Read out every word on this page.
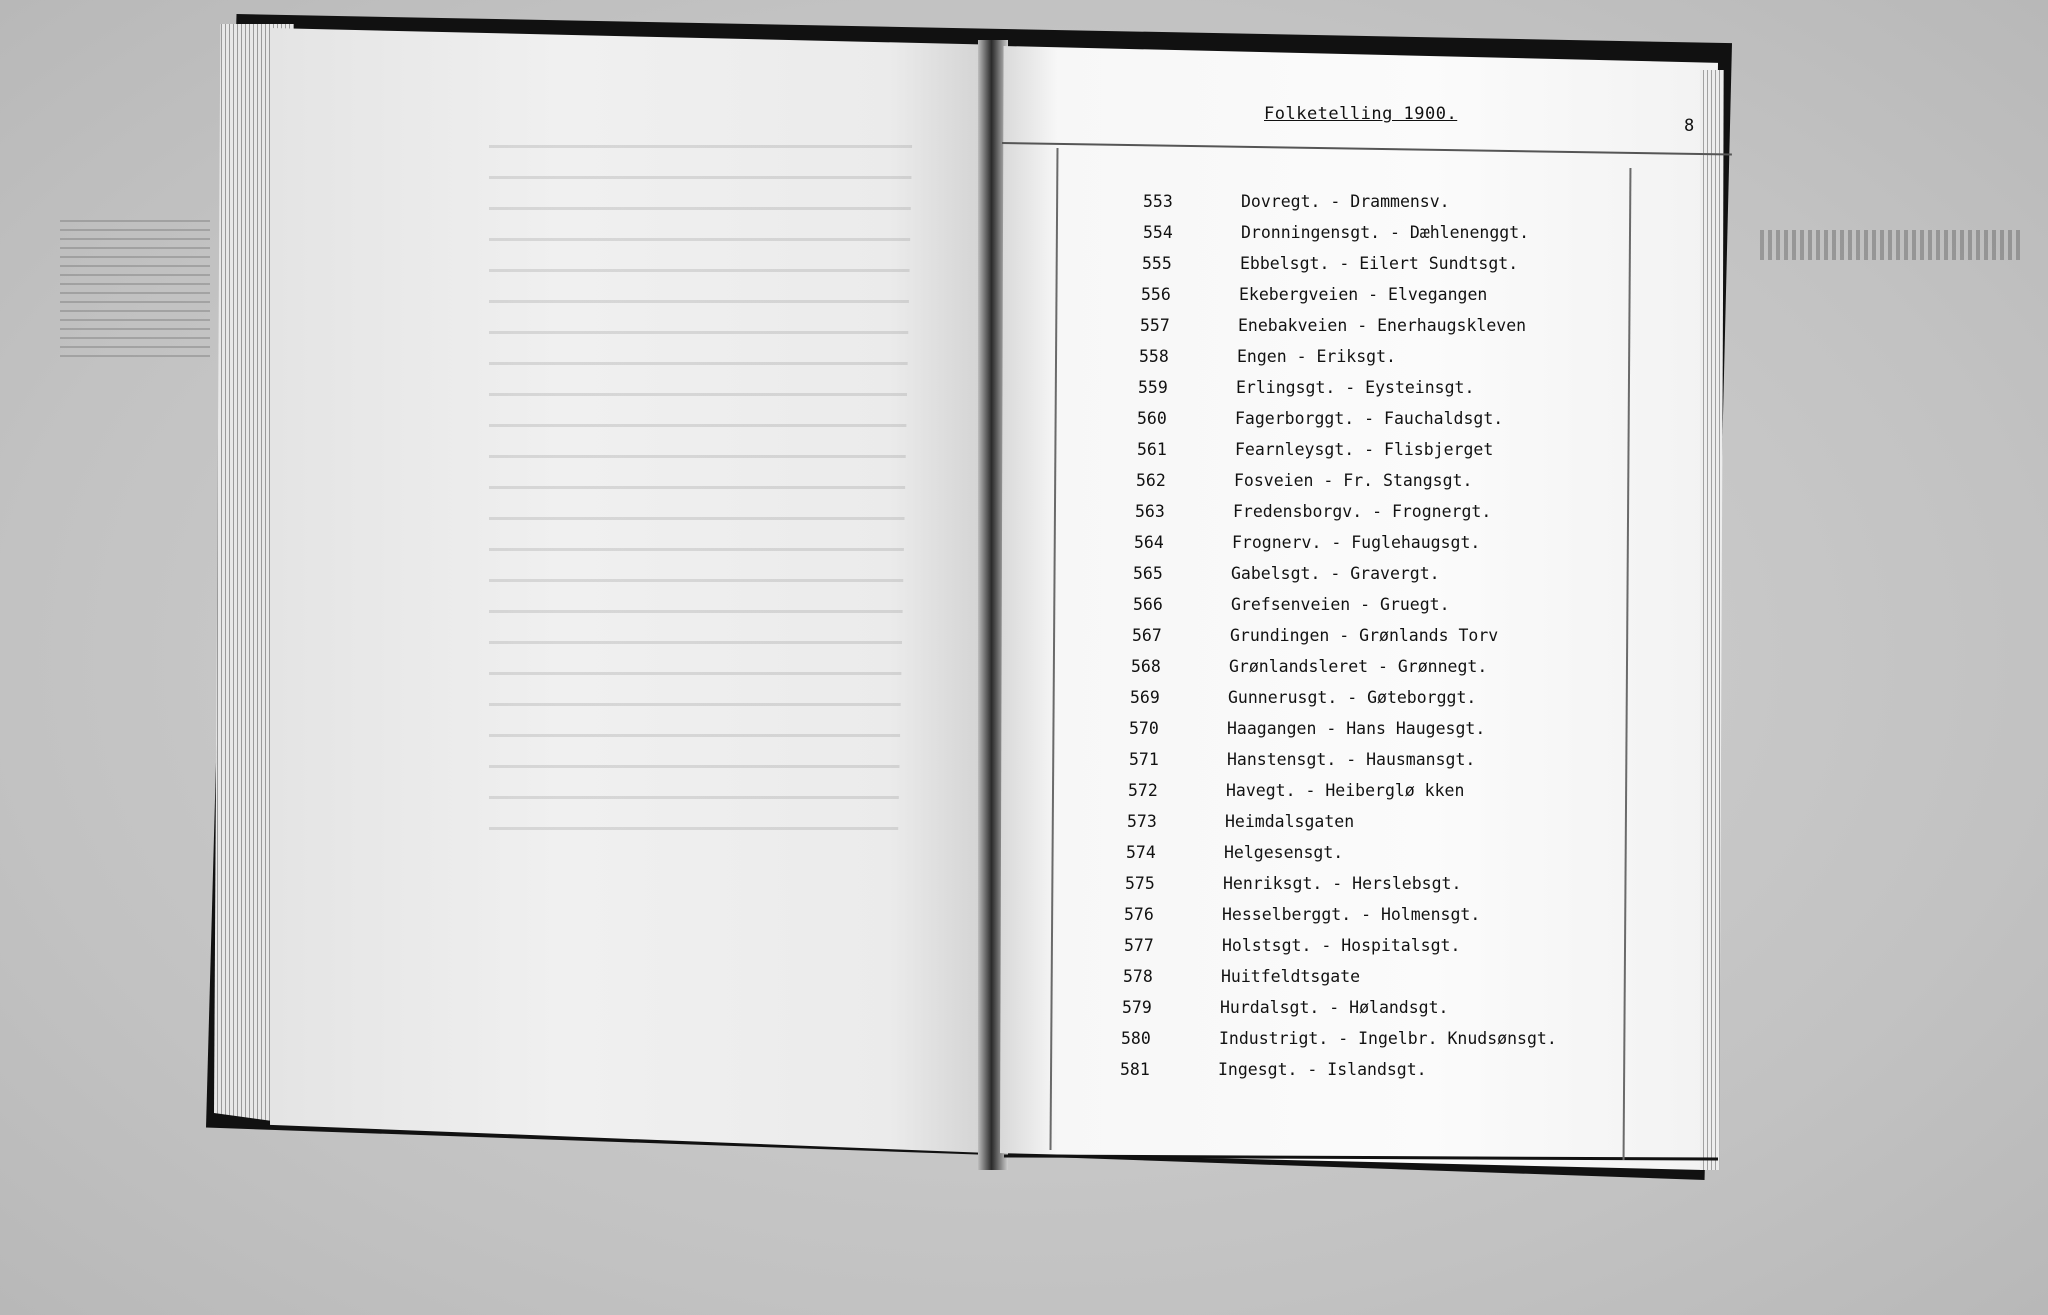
Folketelling 1900.
8
553	Dovregt. - Drammensv.
554	Dronningensgt. - Dæhlenenggt.
555	Ebbelsgt. - Eilert Sundtsgt.
556	Ekebergveien - Elvegangen
557	Enebakveien - Enerhaugskleven
558	Engen - Eriksgt.
559	Erlingsgt. - Eysteinsgt.
560	Fagerborggt. - Fauchaldsgt.
561	Fearnleysgt. - Flisbjerget
562	Fosveien - Fr. Stangsgt.
563	Fredensborgv. - Frognergt.
564	Frognerv. - Fuglehaugsgt.
565	Gabelsgt. - Gravergt.
566	Grefsenveien - Gruegt.
567	Grundingen - Grønlands Torv
568	Grønlandsleret - Grønnegt.
569	Gunnerusgt. - Gøteborggt.
570	Haagangen - Hans Haugesgt.
571	Hanstensgt. - Hausmansgt.
572	Havegt. - Heiberglø kken
573	Heimdalsgaten
574	Helgesensgt.
575	Henriksgt. - Herslebsgt.
576	Hesselberggt. - Holmensgt.
577	Holstsgt. - Hospitalsgt.
578	Huitfeldtsgate
579	Hurdalsgt. - Hølandsgt.
580	Industrigt. - Ingelbr. Knudsønsgt.
581	Ingesgt. - Islandsgt.
